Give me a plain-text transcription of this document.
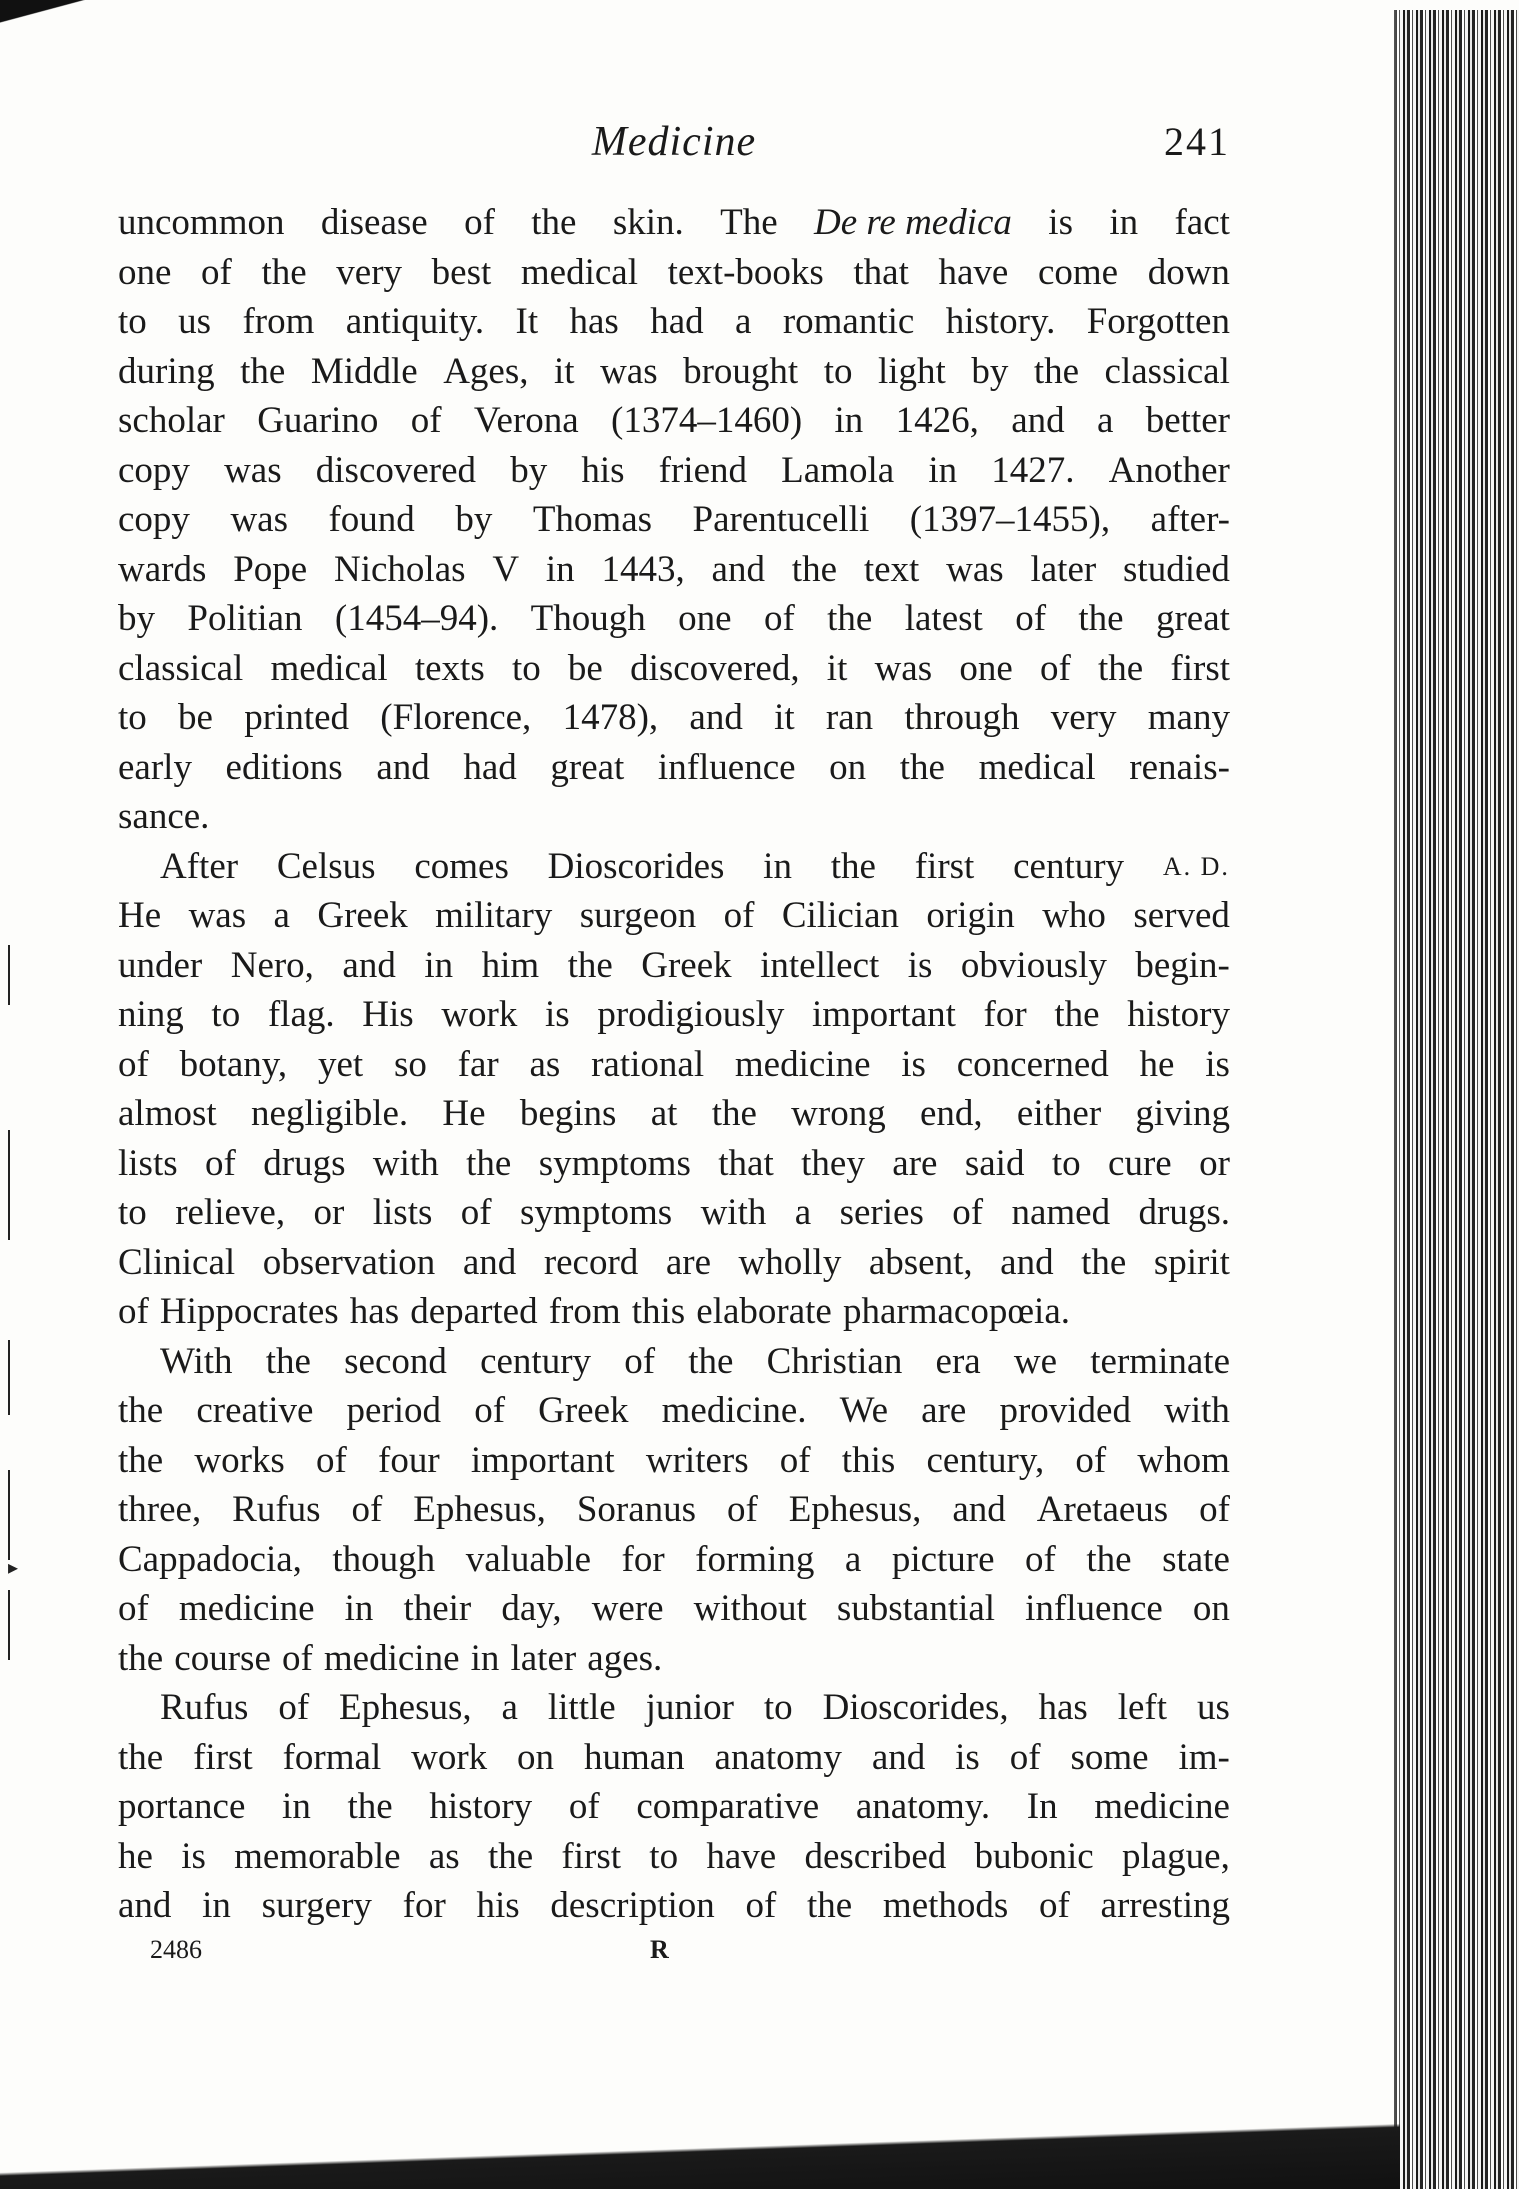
▸
Medicine	241
uncommon disease of the skin. The De re medica is in fact
one of the very best medical text-books that have come down
to us from antiquity. It has had a romantic history. Forgotten
during the Middle Ages, it was brought to light by the classical
scholar Guarino of Verona (1374–1460) in 1426, and a better
copy was discovered by his friend Lamola in 1427. Another
copy was found by Thomas Parentucelli (1397–1455), after-
wards Pope Nicholas V in 1443, and the text was later studied
by Politian (1454–94). Though one of the latest of the great
classical medical texts to be discovered, it was one of the first
to be printed (Florence, 1478), and it ran through very many
early editions and had great influence on the medical renais-
sance.
After Celsus comes Dioscorides in the first century A. D.
He was a Greek military surgeon of Cilician origin who served
under Nero, and in him the Greek intellect is obviously begin-
ning to flag. His work is prodigiously important for the history
of botany, yet so far as rational medicine is concerned he is
almost negligible. He begins at the wrong end, either giving
lists of drugs with the symptoms that they are said to cure or
to relieve, or lists of symptoms with a series of named drugs.
Clinical observation and record are wholly absent, and the spirit
of Hippocrates has departed from this elaborate pharmacopœia.
With the second century of the Christian era we terminate
the creative period of Greek medicine. We are provided with
the works of four important writers of this century, of whom
three, Rufus of Ephesus, Soranus of Ephesus, and Aretaeus of
Cappadocia, though valuable for forming a picture of the state
of medicine in their day, were without substantial influence on
the course of medicine in later ages.
Rufus of Ephesus, a little junior to Dioscorides, has left us
the first formal work on human anatomy and is of some im-
portance in the history of comparative anatomy. In medicine
he is memorable as the first to have described bubonic plague,
and in surgery for his description of the methods of arresting
2486	R
